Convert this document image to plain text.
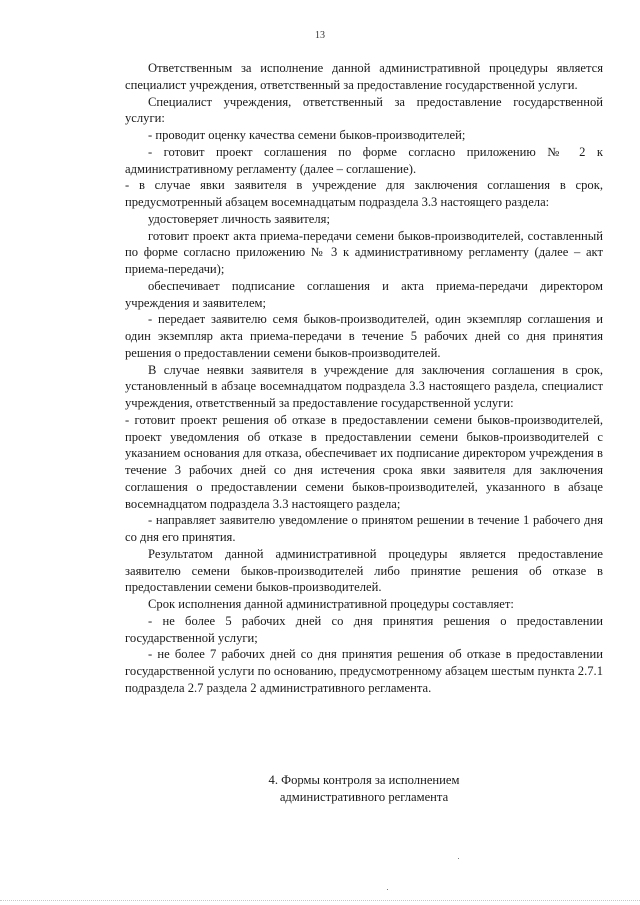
13

Ответственным за исполнение данной административной процедуры является специалист учреждения, ответственный за предоставление государственной услуги.

Специалист учреждения, ответственный за предоставление государственной услуги:

- проводит оценку качества семени быков-производителей;

- готовит проект соглашения по форме согласно приложению № 2 к административному регламенту (далее – соглашение).

- в случае явки заявителя в учреждение для заключения соглашения в срок, предусмотренный абзацем восемнадцатым подраздела 3.3 настоящего раздела:

удостоверяет личность заявителя;

готовит проект акта приема-передачи семени быков-производителей, составленный по форме согласно приложению № 3 к административному регламенту (далее – акт приема-передачи);

обеспечивает подписание соглашения и акта приема-передачи директором учреждения и заявителем;

- передает заявителю семя быков-производителей, один экземпляр соглашения и один экземпляр акта приема-передачи в течение 5 рабочих дней со дня принятия решения о предоставлении семени быков-производителей.

В случае неявки заявителя в учреждение для заключения соглашения в срок, установленный в абзаце восемнадцатом подраздела 3.3 настоящего раздела, специалист учреждения, ответственный за предоставление государственной услуги:

- готовит проект решения об отказе в предоставлении семени быков-производителей, проект уведомления об отказе в предоставлении семени быков-производителей с указанием основания для отказа, обеспечивает их подписание директором учреждения в течение 3 рабочих дней со дня истечения срока явки заявителя для заключения соглашения о предоставлении семени быков-производителей, указанного в абзаце восемнадцатом подраздела 3.3 настоящего раздела;

- направляет заявителю уведомление о принятом решении в течение 1 рабочего дня со дня его принятия.

Результатом данной административной процедуры является предоставление заявителю семени быков-производителей либо принятие решения об отказе в предоставлении семени быков-производителей.

Срок исполнения данной административной процедуры составляет:

- не более 5 рабочих дней со дня принятия решения о предоставлении государственной услуги;

- не более 7 рабочих дней со дня принятия решения об отказе в предоставлении государственной услуги по основанию, предусмотренному абзацем шестым пункта 2.7.1 подраздела 2.7 раздела 2 административного регламента.

4. Формы контроля за исполнением
административного регламента
